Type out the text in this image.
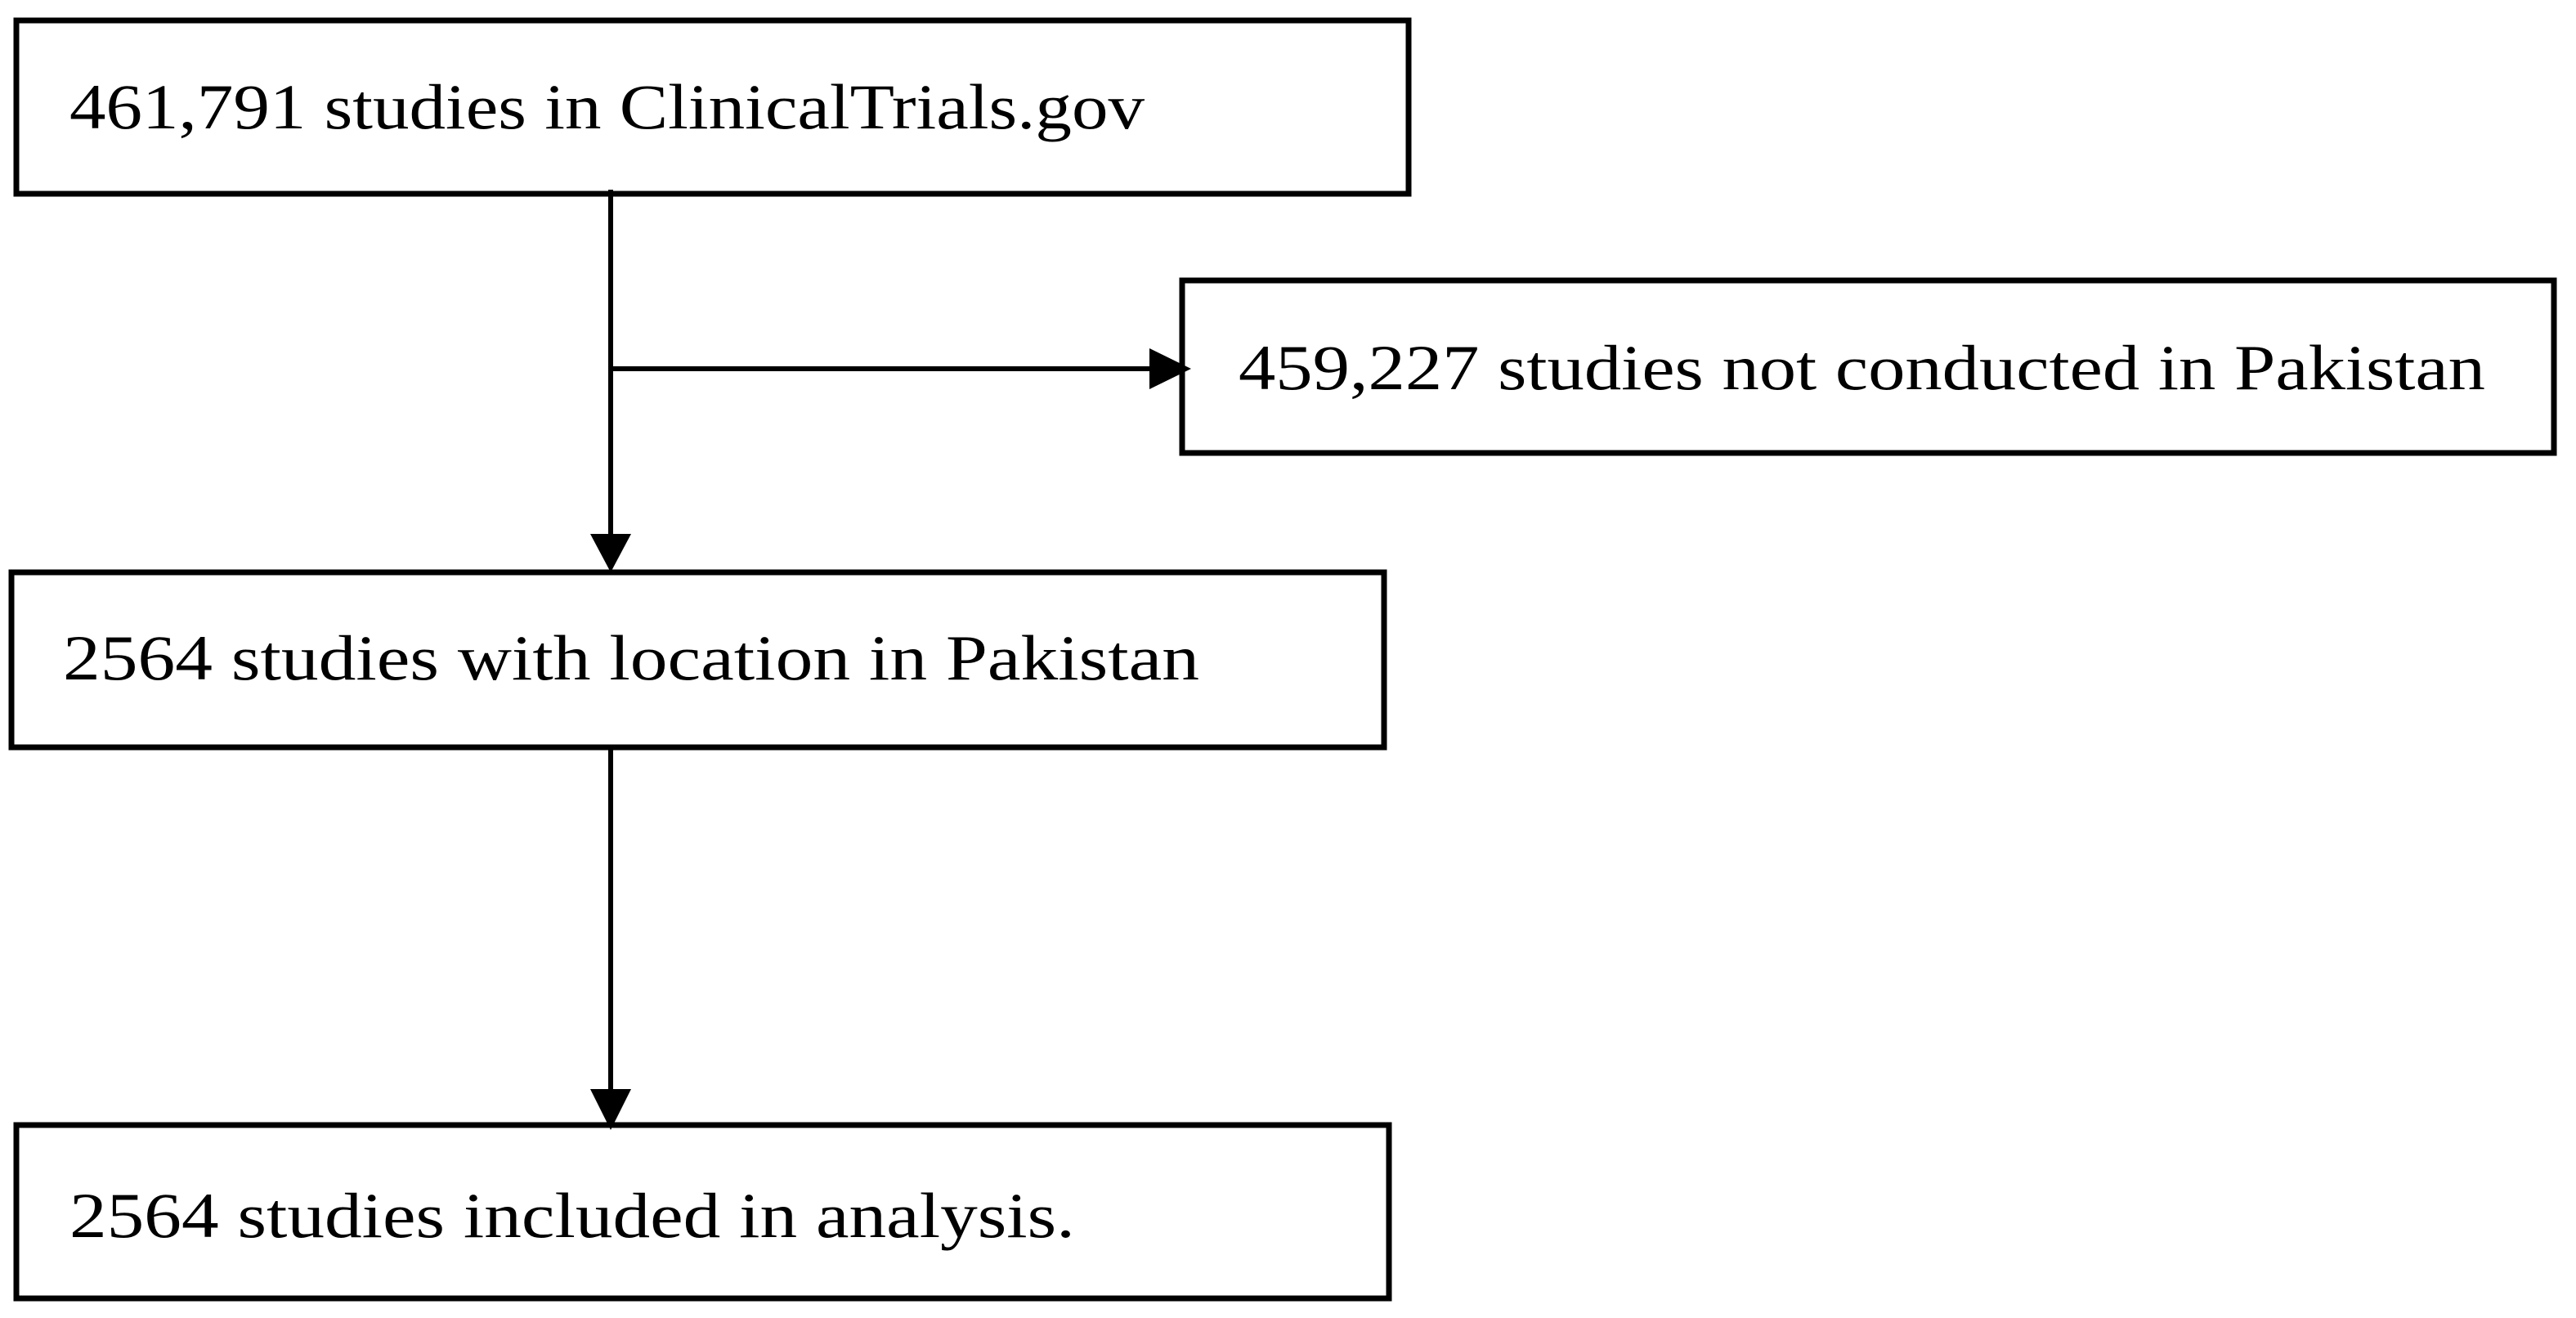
461,791 studies in ClinicalTrials.gov
459,227 studies not conducted in Pakistan
2564 studies with location in Pakistan
2564 studies included in analysis.
